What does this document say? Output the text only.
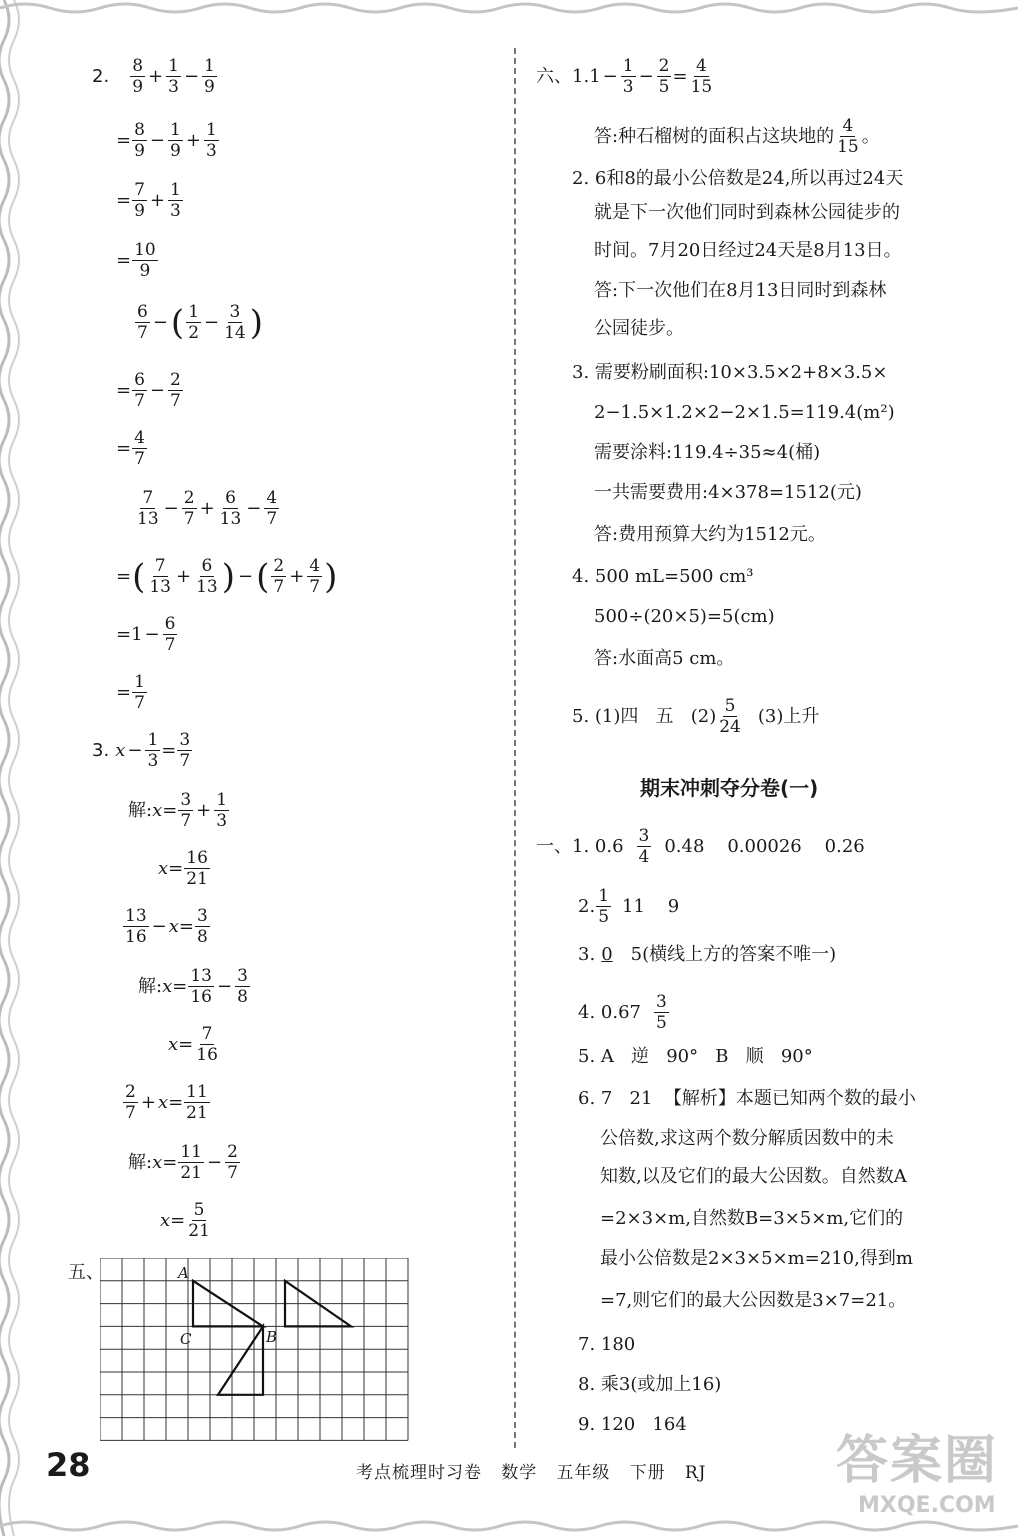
2. $\frac{8}{9} + \frac{1}{3} - \frac{1}{9}$
= $\frac{8}{9} - \frac{1}{9} + \frac{1}{3}$
= $\frac{7}{9} + \frac{1}{3}$
= $\frac{10}{9}$
$\frac{6}{7}$ − ( $\frac{1}{2} - \frac{3}{14}$ )
= $\frac{6}{7} - \frac{2}{7}$
= $\frac{4}{7}$
$\frac{7}{13} - \frac{2}{7} + \frac{6}{13} - \frac{4}{7}$
= ( $\frac{7}{13} + \frac{6}{13}$ ) − ( $\frac{2}{7} + \frac{4}{7}$ )
= $1 - \frac{6}{7}$
= $\frac{1}{7}$
3. $x - \frac{1}{3} = \frac{3}{7}$
解: $x = \frac{3}{7} + \frac{1}{3}$
$x = \frac{16}{21}$
$\frac{13}{16} - x = \frac{3}{8}$
解: $x = \frac{13}{16} - \frac{3}{8}$
$x = \frac{7}{16}$
$\frac{2}{7} + x = \frac{11}{21}$
解: $x = \frac{11}{21} - \frac{2}{7}$
$x = \frac{5}{21}$
五、	A
C	B
六、 1. $1 - \frac{1}{3} - \frac{2}{5} = \frac{4}{15}$
答:种石榴树的面积占这块地的 $\frac{4}{15}$ 。
2. 6和8的最小公倍数是24,所以再过24天
就是下一次他们同时到森林公园徒步的
时间。7月20日经过24天是8月13日。
答:下一次他们在8月13日同时到森林
公园徒步。
3. 需要粉刷面积:10×3.5×2+8×3.5×
2−1.5×1.2×2−2×1.5=119.4(m²)
需要涂料:119.4÷35≈4(桶)
一共需要费用:4×378=1512(元)
答:费用预算大约为1512元。
4. 500 mL=500 cm³
500÷(20×5)=5(cm)
答:水面高5 cm。
5. (1)四   五   $(2) \frac{5}{24} (3)$上升
期末冲刺夺分卷(一)
一、 1. $0.6 \frac{3}{4} 0.48$    0.00026    0.26
2. $\frac{1}{5} 11$    9
3. 0 5(横线上方的答案不唯一)
4. $0.67 \frac{3}{5}$
5. A   逆   90°   B   顺   90°
6. 7   21  【解析】本题已知两个数的最小
公倍数,求这两个数分解质因数中的未
知数,以及它们的最大公因数。自然数A
=2×3×m,自然数B=3×5×m,它们的
最小公倍数是2×3×5×m=210,得到m
=7,则它们的最大公因数是3×7=21。
7. 180
8. 乘3(或加上16)
9. 120   164
28	考点梳理时习卷   数学   五年级   下册   RJ 答案圈
MXQE.COM
